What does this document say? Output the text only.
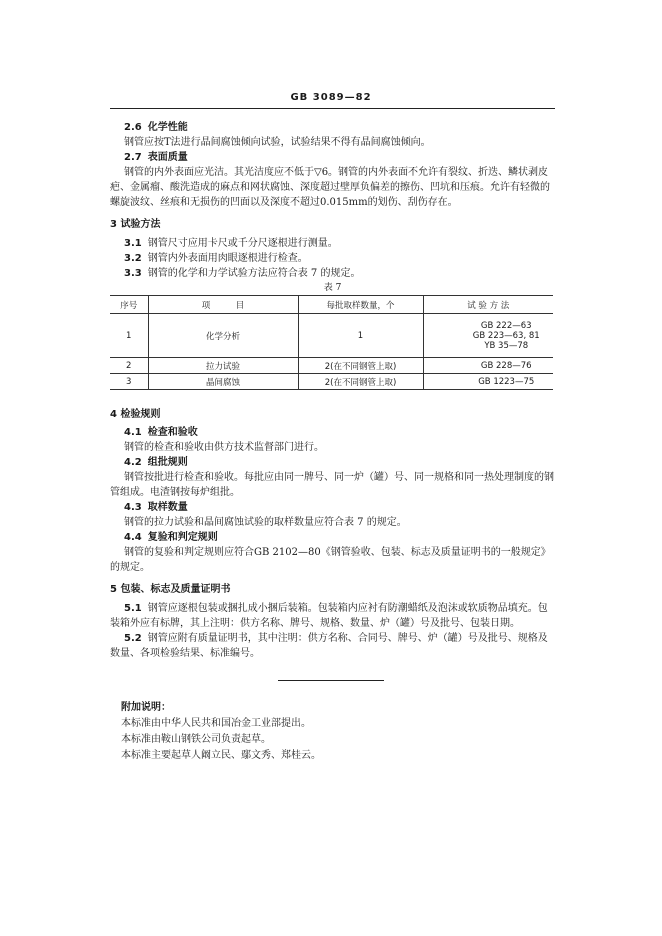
GB 3089—82
2.6 化学性能

钢管应按T法进行晶间腐蚀倾向试验，试验结果不得有晶间腐蚀倾向。

2.7 表面质量

钢管的内外表面应光洁。其光洁度应不低于▽6。钢管的内外表面不允许有裂纹、折迭、鳞状剥皮疤、金属瘤、酸洗造成的麻点和网状腐蚀、深度超过壁厚负偏差的擦伤、凹坑和压痕。允许有轻微的螺旋波纹、丝痕和无损伤的凹面以及深度不超过0.015mm的划伤、刮伤存在。

3 试验方法
3.1 钢管尺寸应用卡尺或千分尺逐根进行测量。
3.2 钢管内外表面用肉眼逐根进行检查。
3.3 钢管的化学和力学试验方法应符合表 7 的规定。
表 7
序号	项　　　目	每批取样数量，个	试 验 方 法
1	化学分析	1	GB 222—63
GB 223—63, 81
YB 35—78

2	拉力试验	2(在不同钢管上取)	GB 228—76
3	晶间腐蚀	2(在不同钢管上取)	GB 1223—75
4 检验规则
4.1 检查和验收

钢管的检查和验收由供方技术监督部门进行。

4.2 组批规则

钢管按批进行检查和验收。每批应由同一牌号、同一炉（罐）号、同一规格和同一热处理制度的钢管组成。电渣钢按每炉组批。

4.3 取样数量

钢管的拉力试验和晶间腐蚀试验的取样数量应符合表 7 的规定。

4.4 复验和判定规则

钢管的复验和判定规则应符合GB 2102—80《钢管验收、包装、标志及质量证明书的一般规定》的规定。

5 包装、标志及质量证明书

5.1 钢管应逐根包装或捆扎成小捆后装箱。包装箱内应衬有防潮蜡纸及泡沫或软质物品填充。包装箱外应有标牌，其上注明：供方名称、牌号、规格、数量、炉（罐）号及批号、包装日期。

5.2 钢管应附有质量证明书，其中注明：供方名称、合同号、牌号、炉（罐）号及批号、规格及数量、各项检验结果、标准编号。

附加说明：
本标准由中华人民共和国冶金工业部提出。
本标准由鞍山钢铁公司负责起草。
本标准主要起草人阚立民、鄢文秀、郑桂云。
